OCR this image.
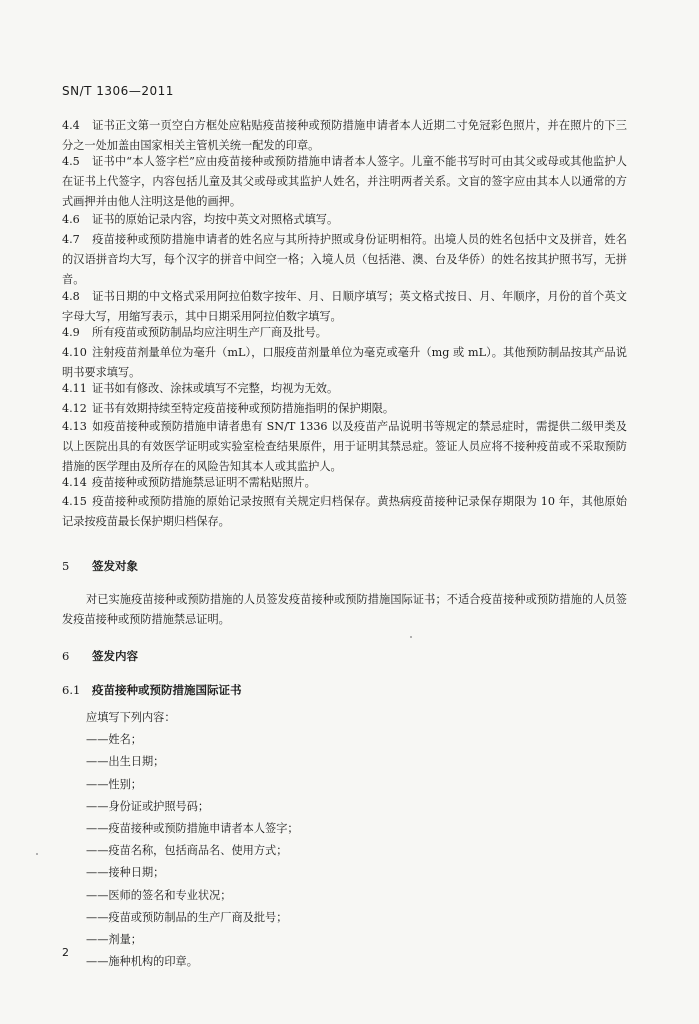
SN/T 1306—2011
4.4 证书正文第一页空白方框处应粘贴疫苗接种或预防措施申请者本人近期二寸免冠彩色照片，并在照片的下三分之一处加盖由国家相关主管机关统一配发的印章。
4.5 证书中“本人签字栏”应由疫苗接种或预防措施申请者本人签字。儿童不能书写时可由其父或母或其他监护人在证书上代签字，内容包括儿童及其父或母或其监护人姓名，并注明两者关系。文盲的签字应由其本人以通常的方式画押并由他人注明这是他的画押。
4.6 证书的原始记录内容，均按中英文对照格式填写。
4.7 疫苗接种或预防措施申请者的姓名应与其所持护照或身份证明相符。出境人员的姓名包括中文及拼音，姓名的汉语拼音均大写，每个汉字的拼音中间空一格；入境人员（包括港、澳、台及华侨）的姓名按其护照书写，无拼音。
4.8 证书日期的中文格式采用阿拉伯数字按年、月、日顺序填写；英文格式按日、月、年顺序，月份的首个英文字母大写，用缩写表示，其中日期采用阿拉伯数字填写。
4.9 所有疫苗或预防制品均应注明生产厂商及批号。
4.10 注射疫苗剂量单位为毫升（mL），口服疫苗剂量单位为毫克或毫升（mg 或 mL）。其他预防制品按其产品说明书要求填写。
4.11 证书如有修改、涂抹或填写不完整，均视为无效。
4.12 证书有效期持续至特定疫苗接种或预防措施指明的保护期限。
4.13 如疫苗接种或预防措施申请者患有 SN/T 1336 以及疫苗产品说明书等规定的禁忌症时，需提供二级甲类及以上医院出具的有效医学证明或实验室检查结果原件，用于证明其禁忌症。签证人员应将不接种疫苗或不采取预防措施的医学理由及所存在的风险告知其本人或其监护人。
4.14 疫苗接种或预防措施禁忌证明不需粘贴照片。
4.15 疫苗接种或预防措施的原始记录按照有关规定归档保存。黄热病疫苗接种记录保存期限为 10 年，其他原始记录按疫苗最长保护期归档保存。
5 签发对象
对已实施疫苗接种或预防措施的人员签发疫苗接种或预防措施国际证书；不适合疫苗接种或预防措施的人员签发疫苗接种或预防措施禁忌证明。
6 签发内容
6.1 疫苗接种或预防措施国际证书
应填写下列内容：
——姓名；
——出生日期；
——性别；
——身份证或护照号码；
——疫苗接种或预防措施申请者本人签字；
——疫苗名称，包括商品名、使用方式；
——接种日期；
——医师的签名和专业状况；
——疫苗或预防制品的生产厂商及批号；
——剂量；
——施种机构的印章。
2
